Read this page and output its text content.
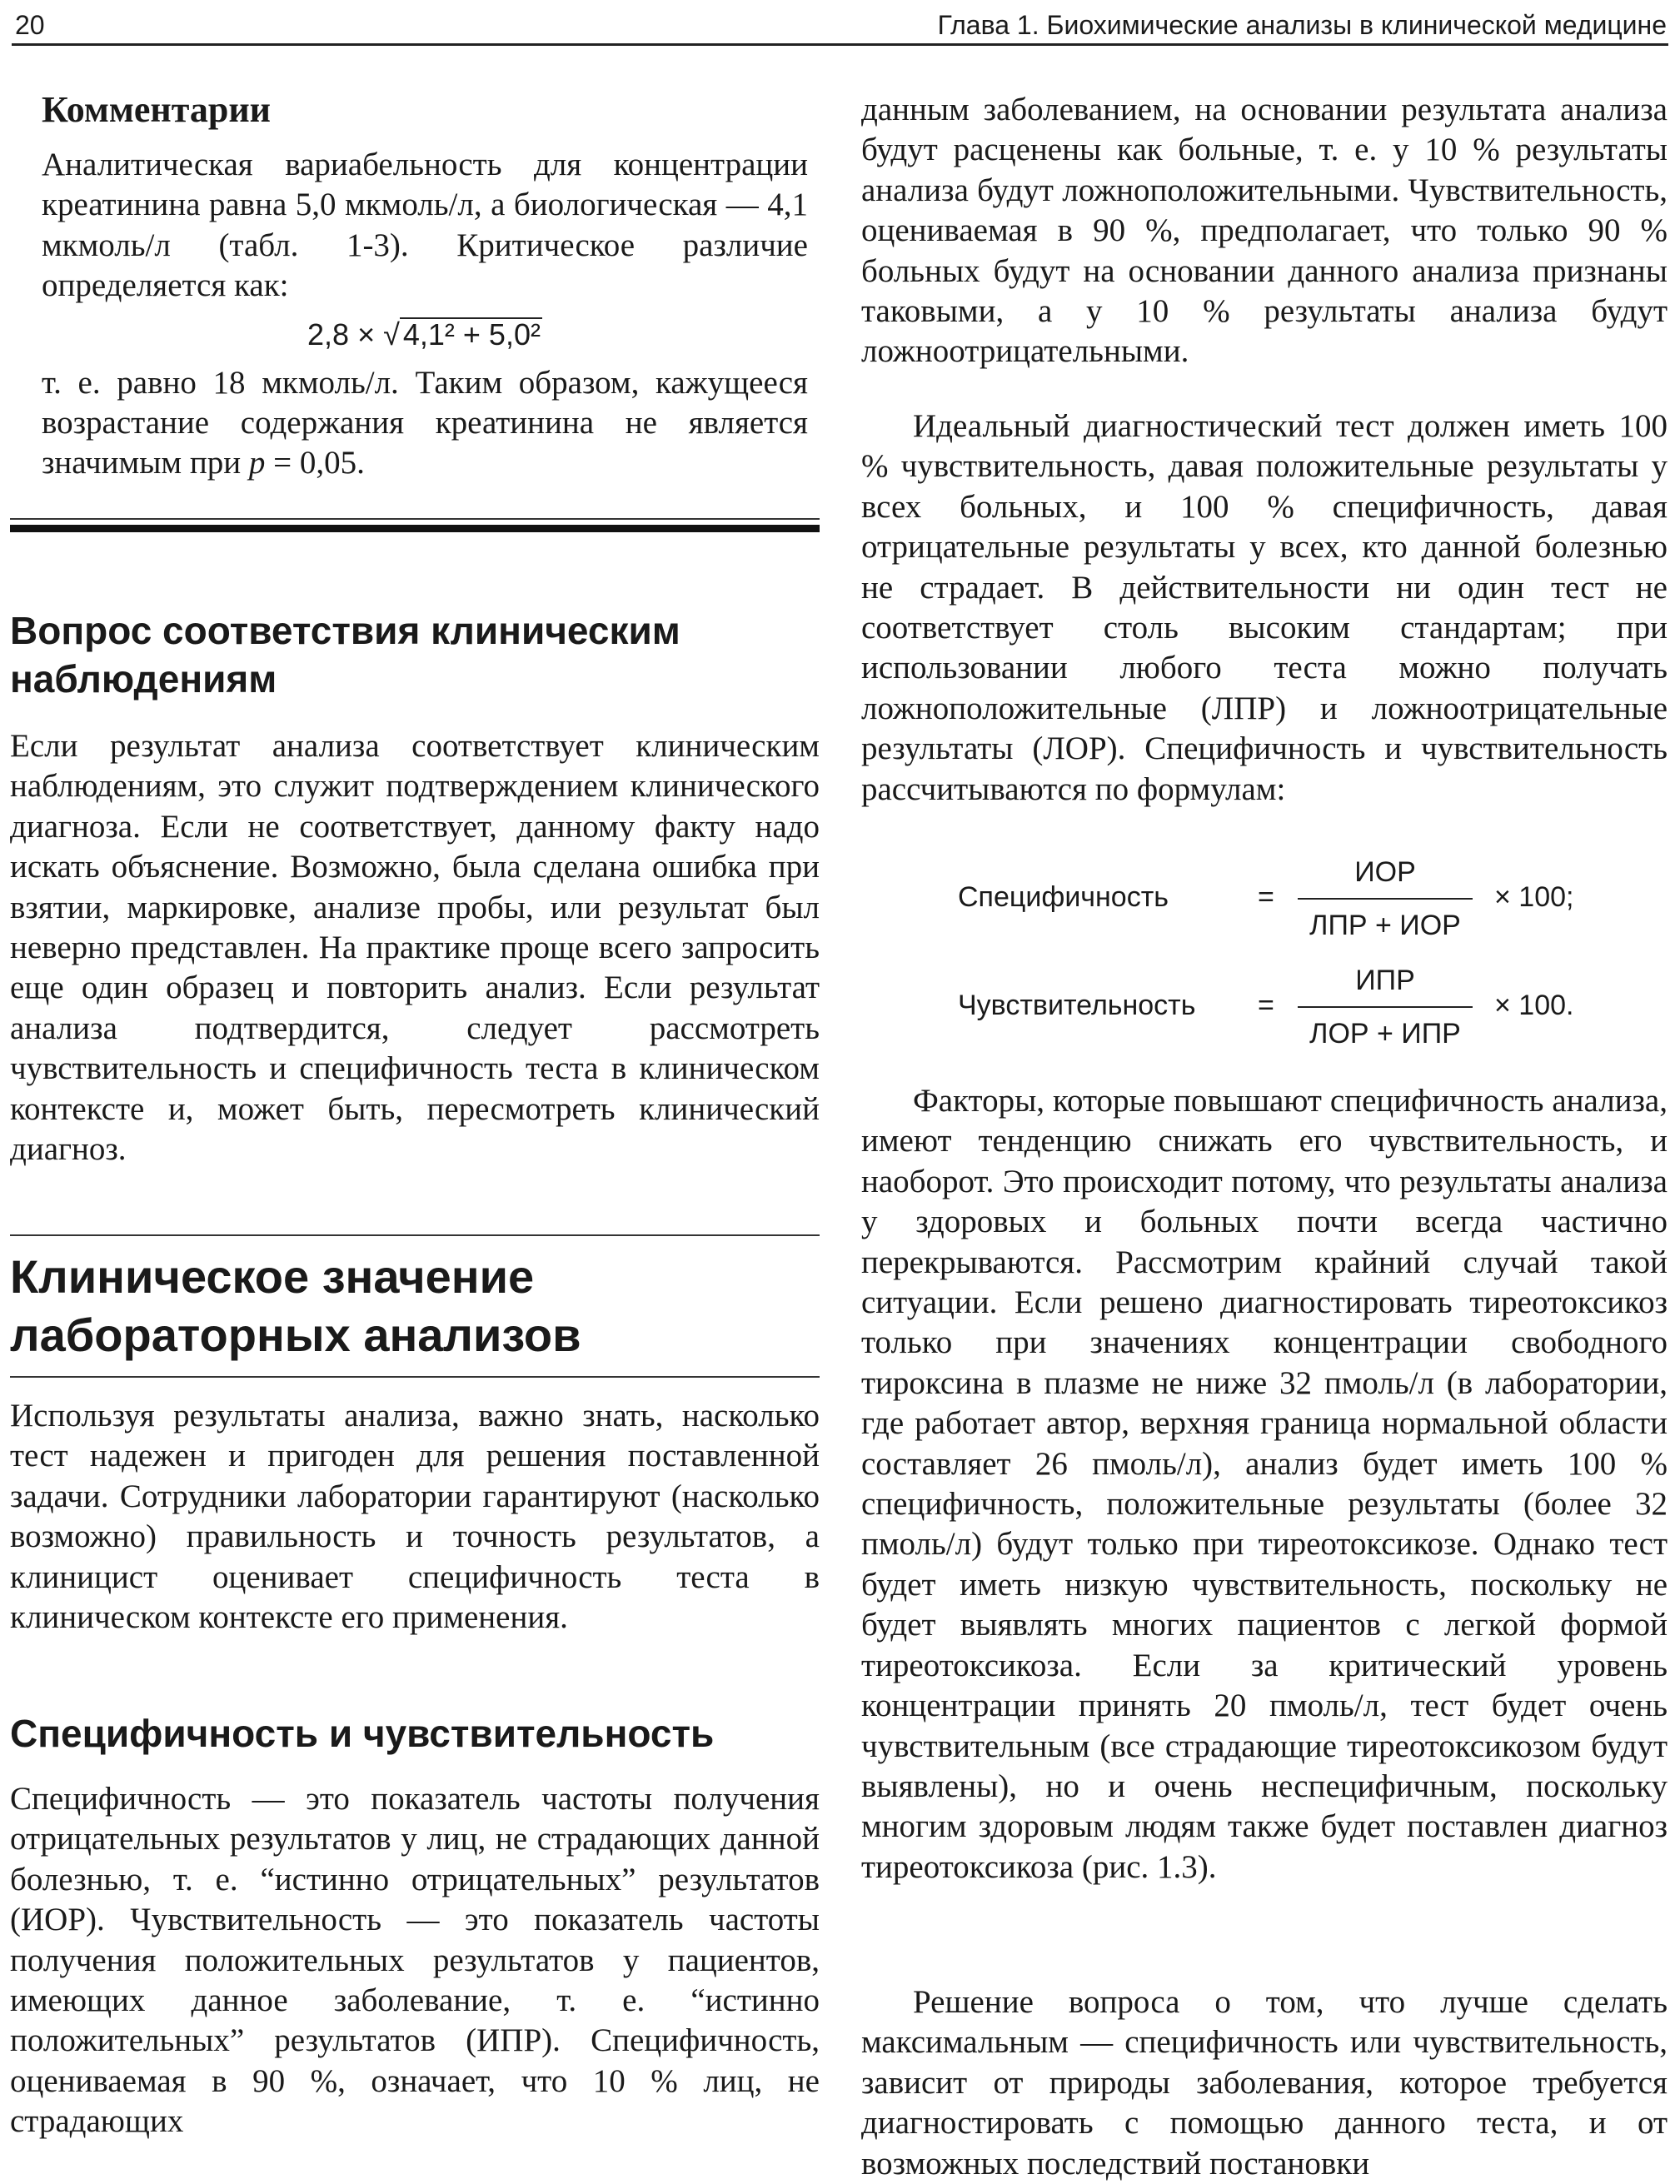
20	Глава 1. Биохимические анализы в клинической медицине
Комментарии

Аналитическая вариабельность для концентрации креатинина равна 5,0 мкмоль/л, а биологическая — 4,1 мкмоль/л (табл. 1-3). Критическое различие определяется как:

2,8 × √ 4,1² + 5,0²

т. е. равно 18 мкмоль/л. Таким образом, кажущееся возрастание содержания креатинина не является значимым при p = 0,05.

Вопрос соответствия клиническим наблюдениям

Если результат анализа соответствует клиническим наблюдениям, это служит подтверждением клинического диагноза. Если не соответствует, данному факту надо искать объяснение. Возможно, была сделана ошибка при взятии, маркировке, анализе пробы, или результат был неверно представлен. На практике проще всего запросить еще один образец и повторить анализ. Если результат анализа подтвердится, следует рассмотреть чувствительность и специфичность теста в клиническом контексте и, может быть, пересмотреть клинический диагноз.

Клиническое значение лабораторных анализов

Используя результаты анализа, важно знать, насколько тест надежен и пригоден для решения поставленной задачи. Сотрудники лаборатории гарантируют (насколько возможно) правильность и точность результатов, а клиницист оценивает специфичность теста в клиническом контексте его применения.

Специфичность и чувствительность

Специфичность — это показатель частоты получения отрицательных результатов у лиц, не страдающих данной болезнью, т. е. “истинно отрицательных” результатов (ИОР). Чувствительность — это показатель частоты получения положительных результатов у пациентов, имеющих данное заболевание, т. е. “истинно положительных” результатов (ИПР). Специфичность, оцениваемая в 90 %, означает, что 10 % лиц, не страдающих

данным заболеванием, на основании результата анализа будут расценены как больные, т. е. у 10 % результаты анализа будут ложноположительными. Чувствительность, оцениваемая в 90 %, предполагает, что только 90 % больных будут на основании данного анализа признаны таковыми, а у 10 % результаты анализа будут ложноотрицательными.

Идеальный диагностический тест должен иметь 100 % чувствительность, давая положительные результаты у всех больных, и 100 % специфичность, давая отрицательные результаты у всех, кто данной болезнью не страдает. В действительности ни один тест не соответствует столь высоким стандартам; при использовании любого теста можно получать ложноположительные (ЛПР) и ложноотрицательные результаты (ЛОР). Специфичность и чувствительность рассчитываются по формулам:

Специфичность	=
ИОР
ЛПР + ИОР
× 100;
Чувствительность =
ИПР
ЛОР + ИПР
× 100.

Факторы, которые повышают специфичность анализа, имеют тенденцию снижать его чувствительность, и наоборот. Это происходит потому, что результаты анализа у здоровых и больных почти всегда частично перекрываются. Рассмотрим крайний случай такой ситуации. Если решено диагностировать тиреотоксикоз только при значениях концентрации свободного тироксина в плазме не ниже 32 пмоль/л (в лаборатории, где работает автор, верхняя граница нормальной области составляет 26 пмоль/л), анализ будет иметь 100 % специфичность, положительные результаты (более 32 пмоль/л) будут только при тиреотоксикозе. Однако тест будет иметь низкую чувствительность, поскольку не будет выявлять многих пациентов с легкой формой тиреотоксикоза. Если за критический уровень концентрации принять 20 пмоль/л, тест будет очень чувствительным (все страдающие тиреотоксикозом будут выявлены), но и очень неспецифичным, поскольку многим здоровым людям также будет поставлен диагноз тиреотоксикоза (рис. 1.3).

Решение вопроса о том, что лучше сделать максимальным — специфичность или чувствительность, зависит от природы заболевания, которое требуется диагностировать с помощью данного теста, и от возможных последствий постановки
